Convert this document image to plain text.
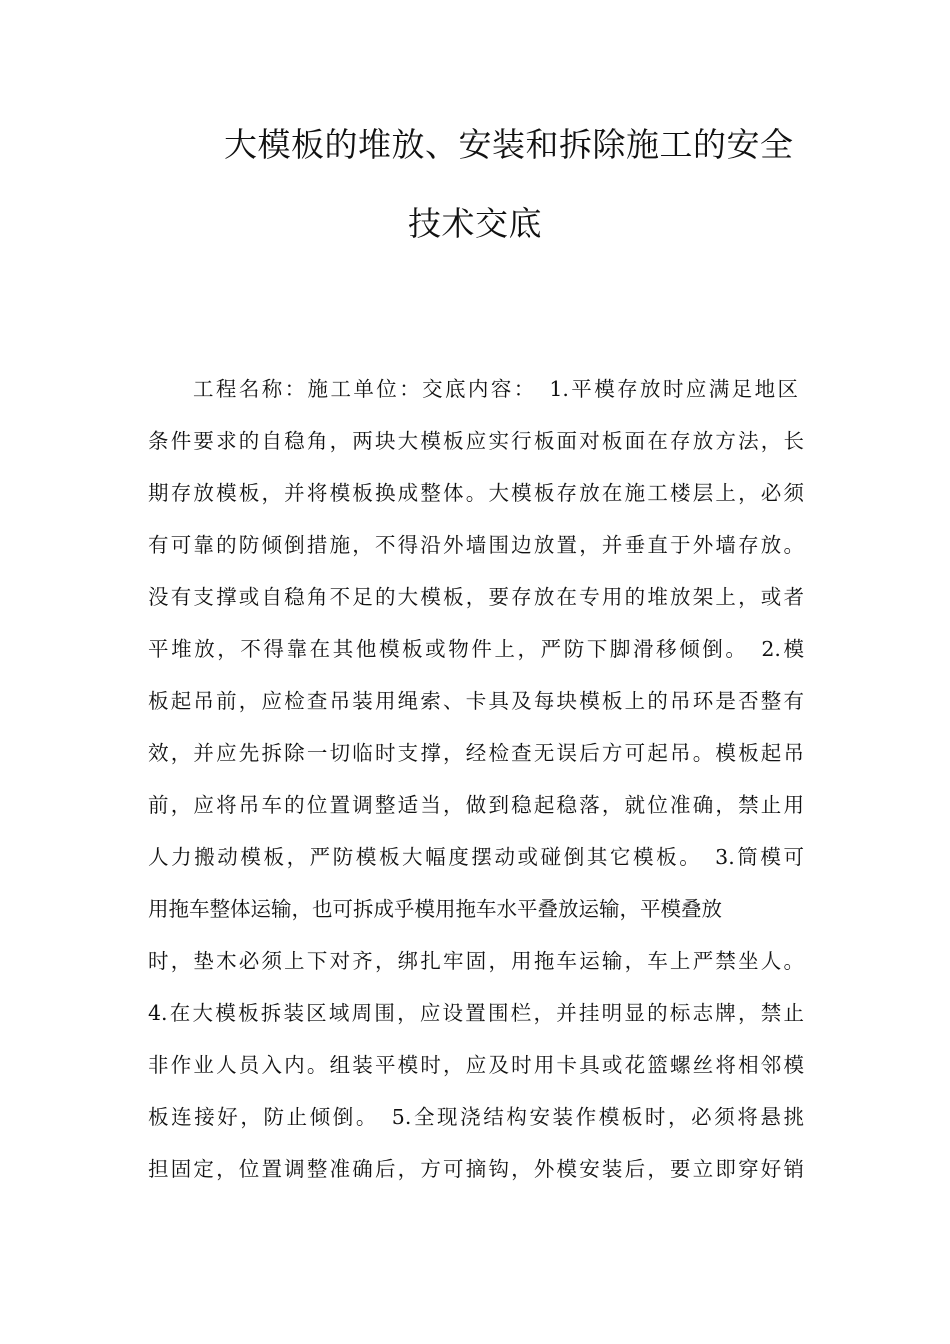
大模板的堆放、安装和拆除施工的安全
技术交底
工程名称：施工单位：交底内容：　1.平模存放时应满足地区
条件要求的自稳角，两块大模板应实行板面对板面在存放方法，长
期存放模板，并将模板换成整体。大模板存放在施工楼层上，必须
有可靠的防倾倒措施，不得沿外墙围边放置，并垂直于外墙存放。
没有支撑或自稳角不足的大模板，要存放在专用的堆放架上，或者
平堆放，不得靠在其他模板或物件上，严防下脚滑移倾倒。　2.模
板起吊前，应检查吊装用绳索、卡具及每块模板上的吊环是否整有
效，并应先拆除一切临时支撑，经检查无误后方可起吊。模板起吊
前，应将吊车的位置调整适当，做到稳起稳落，就位准确，禁止用
人力搬动模板，严防模板大幅度摆动或碰倒其它模板。　3.筒模可
用拖车整体运输，也可拆成乎模用拖车水平叠放运输，平模叠放
时，垫木必须上下对齐，绑扎牢固，用拖车运输，车上严禁坐人。
4.在大模板拆装区域周围，应设置围栏，并挂明显的标志牌，禁止
非作业人员入内。组装平模时，应及时用卡具或花篮螺丝将相邻模
板连接好，防止倾倒。　5.全现浇结构安装作模板时，必须将悬挑
担固定，位置调整准确后，方可摘钩，外模安装后，要立即穿好销
